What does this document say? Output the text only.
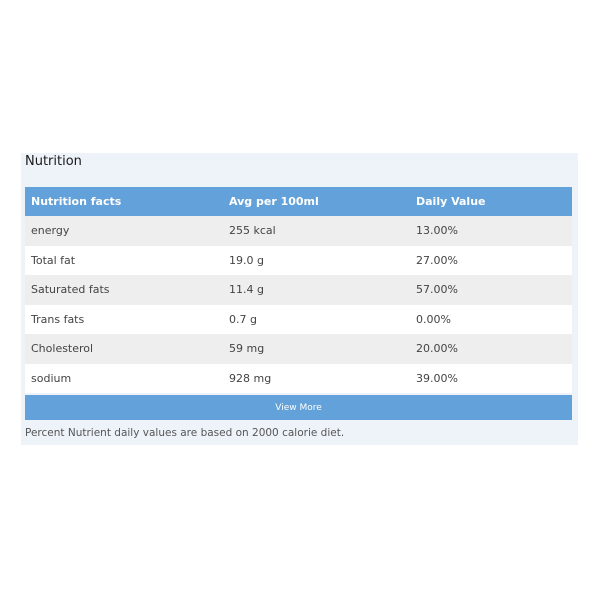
Nutrition
Nutrition facts	Avg per 100ml	Daily Value
energy	255 kcal	13.00%
Total fat	19.0 g	27.00%
Saturated fats	11.4 g	57.00%
Trans fats	0.7 g	0.00%
Cholesterol	59 mg	20.00%
sodium	928 mg	39.00%
View More

Percent Nutrient daily values are based on 2000 calorie diet.
